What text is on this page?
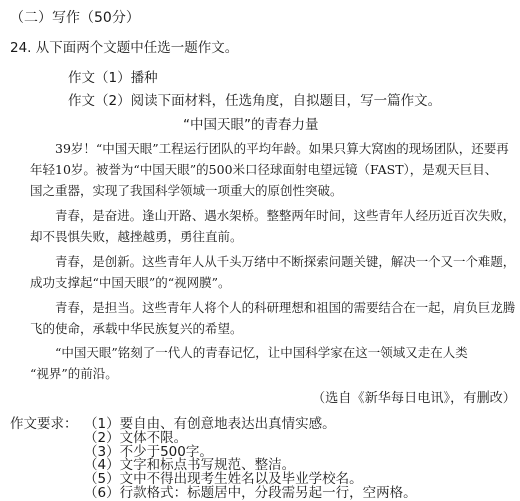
（二）写作（50分）
24. 从下面两个文题中任选一题作文。
作文（1）播种
作文（2）阅读下面材料，任选角度，自拟题目，写一篇作文。
“中国天眼”的青春力量
39岁！“中国天眼”工程运行团队的平均年龄。如果只算大窝凼的现场团队，还要再
年轻10岁。被誉为“中国天眼”的500米口径球面射电望远镜（FAST），是观天巨目、
国之重器，实现了我国科学领域一项重大的原创性突破。
青春，是奋进。逢山开路、遇水架桥。整整两年时间，这些青年人经历近百次失败，
却不畏惧失败，越挫越勇，勇往直前。
青春，是创新。这些青年人从千头万绪中不断探索问题关键，解决一个又一个难题，
成功支撑起“中国天眼”的“视网膜”。
青春，是担当。这些青年人将个人的科研理想和祖国的需要结合在一起，肩负巨龙腾
飞的使命，承载中华民族复兴的希望。
“中国天眼”铭刻了一代人的青春记忆，让中国科学家在这一领域又走在人类
“视界”的前沿。
（选自《新华每日电讯》，有删改）
作文要求： （1）要自由、有创意地表达出真情实感。
（2）文体不限。
（3）不少于500字。
（4）文字和标点书写规范、整洁。
（5）文中不得出现考生姓名以及毕业学校名。
（6）行款格式：标题居中，分段需另起一行，空两格。
